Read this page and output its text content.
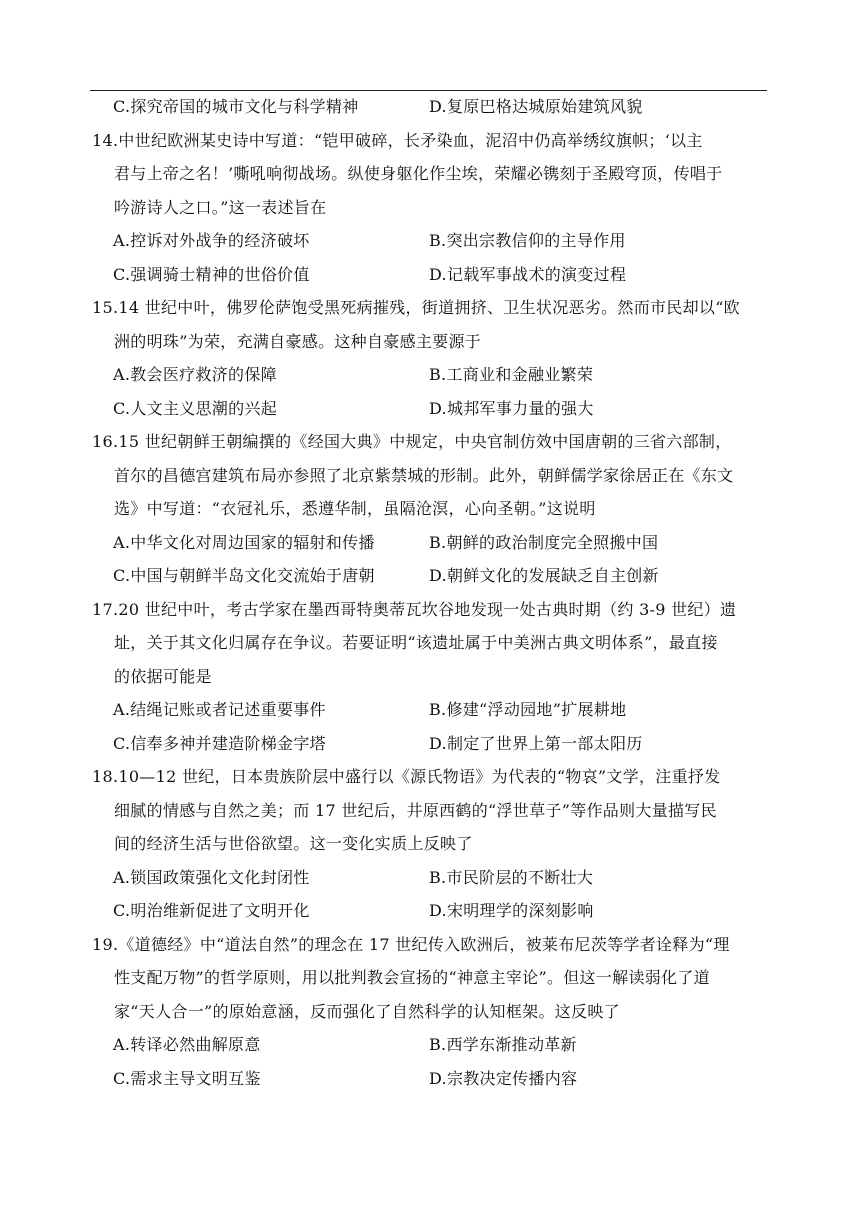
C.探究帝国的城市文化与科学精神	D.复原巴格达城原始建筑风貌
14.中世纪欧洲某史诗中写道：“铠甲破碎，长矛染血，泥沼中仍高举绣纹旗帜；‘以主
君与上帝之名！’嘶吼响彻战场。纵使身躯化作尘埃，荣耀必镌刻于圣殿穹顶，传唱于
吟游诗人之口。”这一表述旨在
A.控诉对外战争的经济破坏	B.突出宗教信仰的主导作用
C.强调骑士精神的世俗价值	D.记载军事战术的演变过程
15.14 世纪中叶，佛罗伦萨饱受黑死病摧残，街道拥挤、卫生状况恶劣。然而市民却以“欧
洲的明珠”为荣，充满自豪感。这种自豪感主要源于
A.教会医疗救济的保障	B.工商业和金融业繁荣
C.人文主义思潮的兴起	D.城邦军事力量的强大
16.15 世纪朝鲜王朝编撰的《经国大典》中规定，中央官制仿效中国唐朝的三省六部制，
首尔的昌德宫建筑布局亦参照了北京紫禁城的形制。此外，朝鲜儒学家徐居正在《东文
选》中写道：“衣冠礼乐，悉遵华制，虽隔沧溟，心向圣朝。”这说明
A.中华文化对周边国家的辐射和传播	B.朝鲜的政治制度完全照搬中国
C.中国与朝鲜半岛文化交流始于唐朝	D.朝鲜文化的发展缺乏自主创新
17.20 世纪中叶，考古学家在墨西哥特奥蒂瓦坎谷地发现一处古典时期（约 3-9 世纪）遗
址，关于其文化归属存在争议。若要证明“该遗址属于中美洲古典文明体系”，最直接
的依据可能是
A.结绳记账或者记述重要事件	B.修建“浮动园地”扩展耕地
C.信奉多神并建造阶梯金字塔	D.制定了世界上第一部太阳历
18.10—12 世纪，日本贵族阶层中盛行以《源氏物语》为代表的“物哀”文学，注重抒发
细腻的情感与自然之美；而 17 世纪后，井原西鹤的“浮世草子”等作品则大量描写民
间的经济生活与世俗欲望。这一变化实质上反映了
A.锁国政策强化文化封闭性	B.市民阶层的不断壮大
C.明治维新促进了文明开化	D.宋明理学的深刻影响
19.《道德经》中“道法自然”的理念在 17 世纪传入欧洲后，被莱布尼茨等学者诠释为“理
性支配万物”的哲学原则，用以批判教会宣扬的“神意主宰论”。但这一解读弱化了道
家“天人合一”的原始意涵，反而强化了自然科学的认知框架。这反映了
A.转译必然曲解原意	B.西学东渐推动革新
C.需求主导文明互鉴	D.宗教决定传播内容
